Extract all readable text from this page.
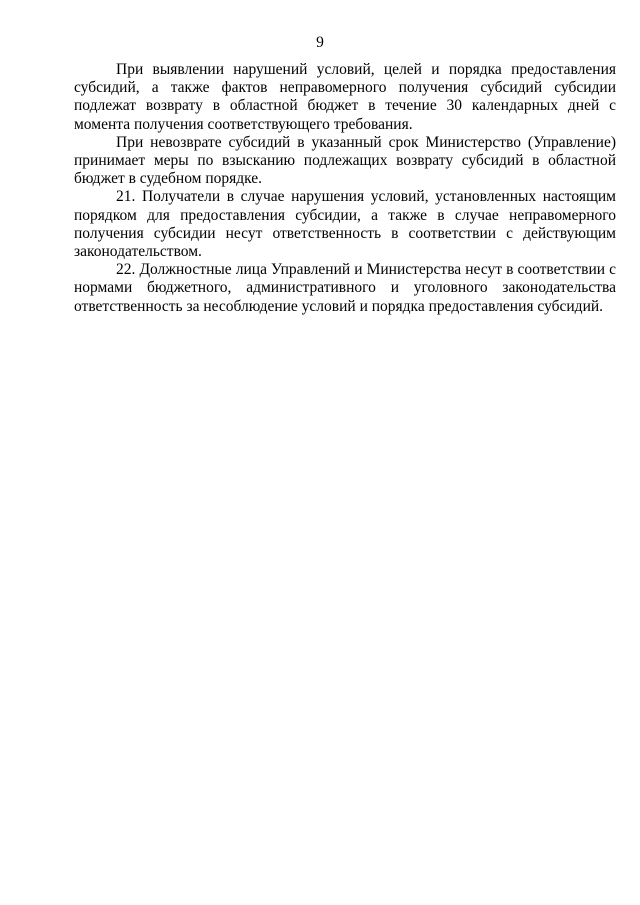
9

При выявлении нарушений условий, целей и порядка предоставления субсидий, а также фактов неправомерного получения субсидий субсидии подлежат возврату в областной бюджет в течение 30 календарных дней с момента получения соответствующего требования.

При невозврате субсидий в указанный срок Министерство (Управление) принимает меры по взысканию подлежащих возврату субсидий в областной бюджет в судебном порядке.

21. Получатели в случае нарушения условий, установленных настоящим порядком для предоставления субсидии, а также в случае неправомерного получения субсидии несут ответственность в соответствии с действующим законодательством.

22. Должностные лица Управлений и Министерства несут в соответствии с нормами бюджетного, административного и уголовного законодательства ответственность за несоблюдение условий и порядка предоставления субсидий.
